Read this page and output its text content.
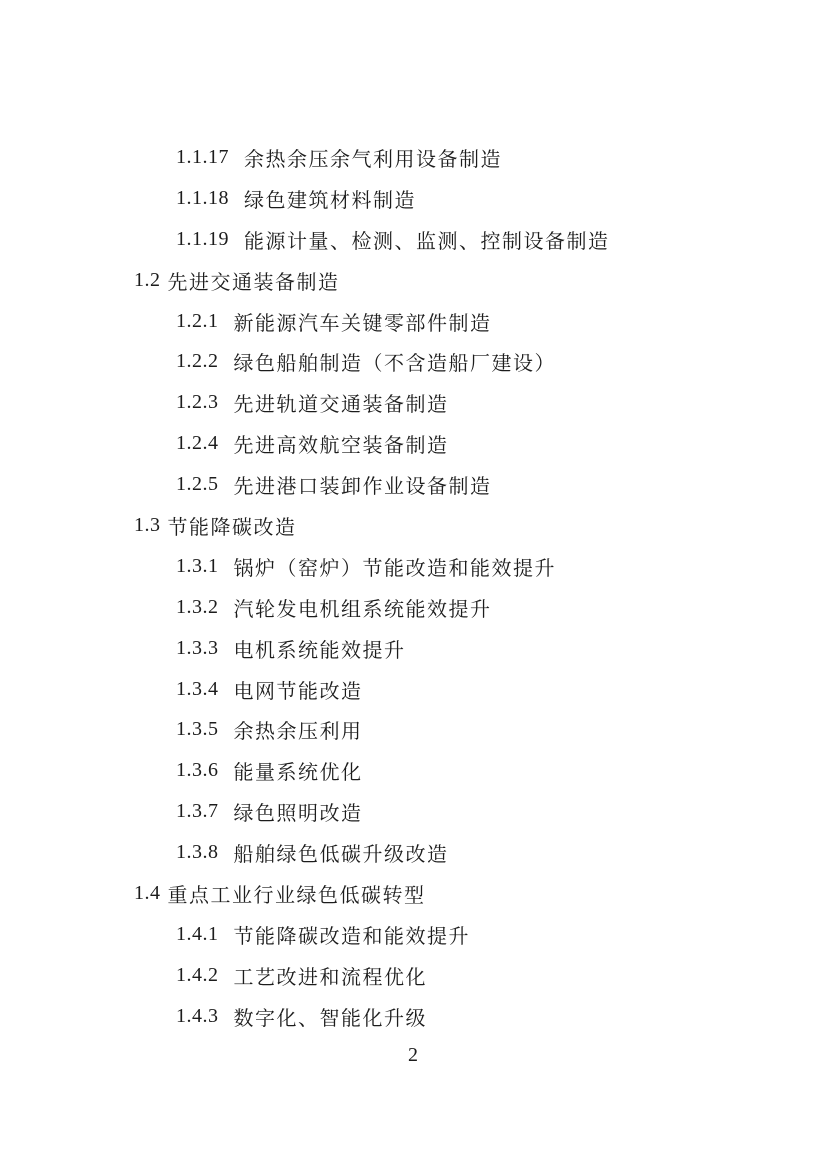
1.1.17 余热余压余气利用设备制造
1.1.18 绿色建筑材料制造
1.1.19 能源计量、检测、监测、控制设备制造
1.2 先进交通装备制造
1.2.1 新能源汽车关键零部件制造
1.2.2 绿色船舶制造（不含造船厂建设）
1.2.3 先进轨道交通装备制造
1.2.4 先进高效航空装备制造
1.2.5 先进港口装卸作业设备制造
1.3 节能降碳改造
1.3.1 锅炉（窑炉）节能改造和能效提升
1.3.2 汽轮发电机组系统能效提升
1.3.3 电机系统能效提升
1.3.4 电网节能改造
1.3.5 余热余压利用
1.3.6 能量系统优化
1.3.7 绿色照明改造
1.3.8 船舶绿色低碳升级改造
1.4 重点工业行业绿色低碳转型
1.4.1 节能降碳改造和能效提升
1.4.2 工艺改进和流程优化
1.4.3 数字化、智能化升级
2
